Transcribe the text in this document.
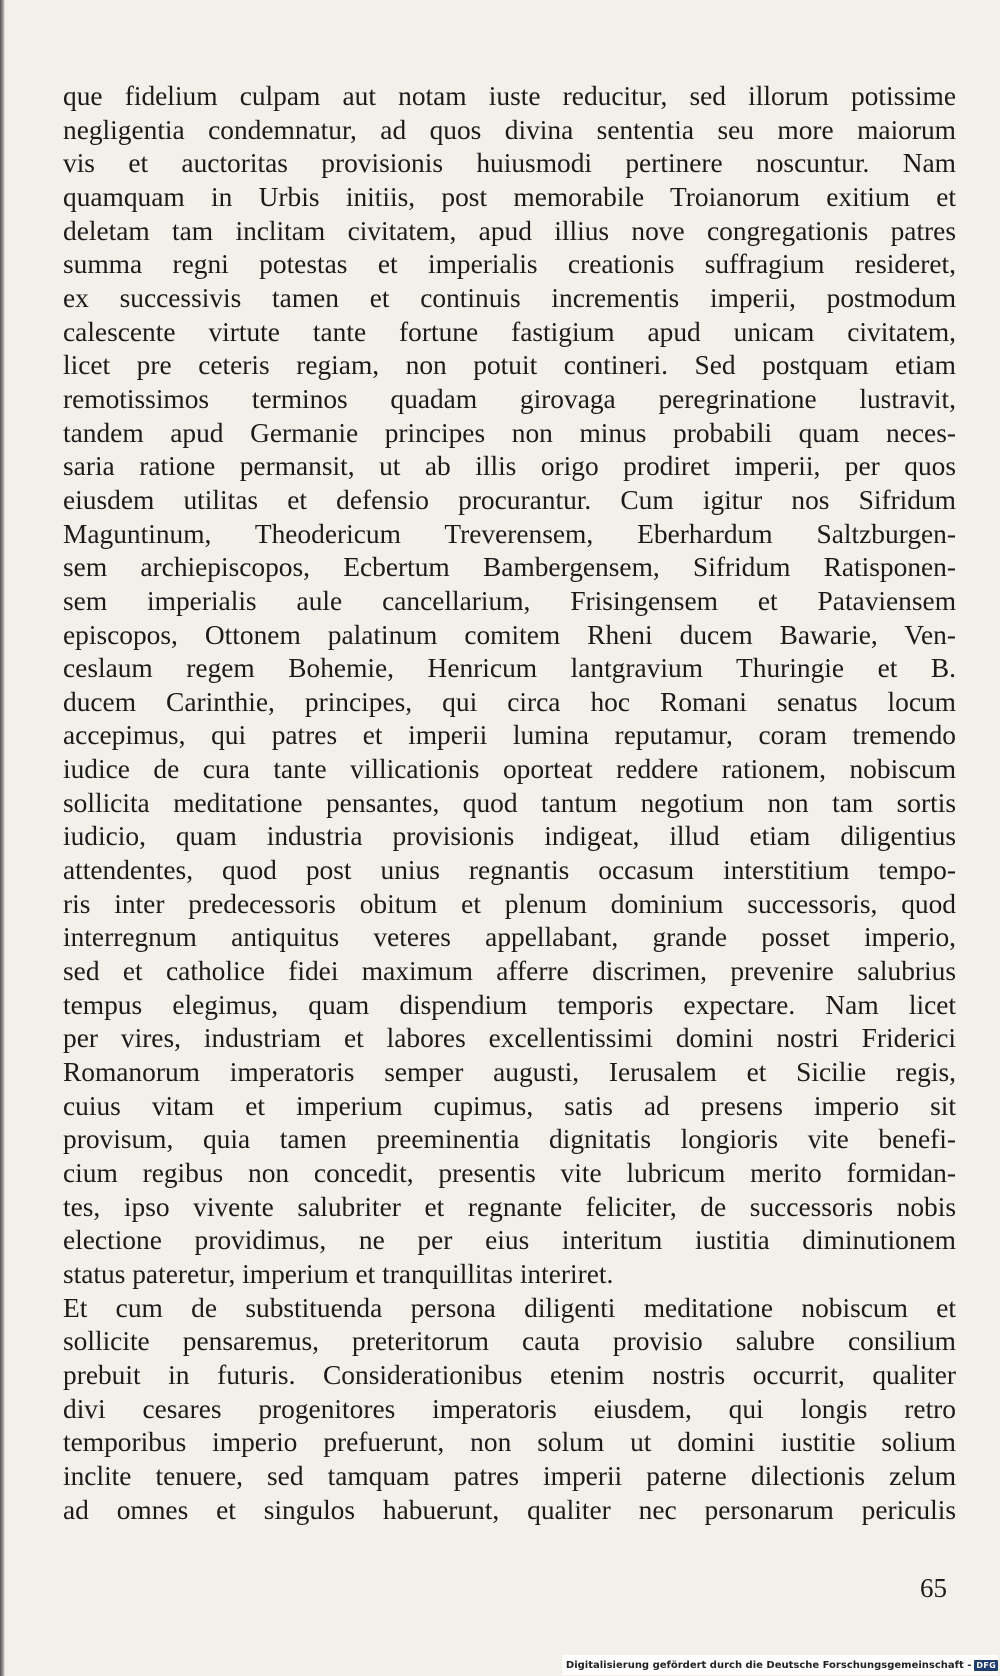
que fidelium culpam aut notam iuste reducitur, sed illorum potissime
negligentia condemnatur, ad quos divina sententia seu more maiorum
vis et auctoritas provisionis huiusmodi pertinere noscuntur. Nam
quamquam in Urbis initiis, post memorabile Troianorum exitium et
deletam tam inclitam civitatem, apud illius nove congregationis patres
summa regni potestas et imperialis creationis suffragium resideret,
ex successivis tamen et continuis incrementis imperii, postmodum
calescente virtute tante fortune fastigium apud unicam civitatem,
licet pre ceteris regiam, non potuit contineri. Sed postquam etiam
remotissimos terminos quadam girovaga peregrinatione lustravit,
tandem apud Germanie principes non minus probabili quam neces-
saria ratione permansit, ut ab illis origo prodiret imperii, per quos
eiusdem utilitas et defensio procurantur. Cum igitur nos Sifridum
Maguntinum, Theodericum Treverensem, Eberhardum Saltzburgen-
sem archiepiscopos, Ecbertum Bambergensem, Sifridum Ratisponen-
sem imperialis aule cancellarium, Frisingensem et Pataviensem
episcopos, Ottonem palatinum comitem Rheni ducem Bawarie, Ven-
ceslaum regem Bohemie, Henricum lantgravium Thuringie et B.
ducem Carinthie, principes, qui circa hoc Romani senatus locum
accepimus, qui patres et imperii lumina reputamur, coram tremendo
iudice de cura tante villicationis oporteat reddere rationem, nobiscum
sollicita meditatione pensantes, quod tantum negotium non tam sortis
iudicio, quam industria provisionis indigeat, illud etiam diligentius
attendentes, quod post unius regnantis occasum interstitium tempo-
ris inter predecessoris obitum et plenum dominium successoris, quod
interregnum antiquitus veteres appellabant, grande posset imperio,
sed et catholice fidei maximum afferre discrimen, prevenire salubrius
tempus elegimus, quam dispendium temporis expectare. Nam licet
per vires, industriam et labores excellentissimi domini nostri Friderici
Romanorum imperatoris semper augusti, Ierusalem et Sicilie regis,
cuius vitam et imperium cupimus, satis ad presens imperio sit
provisum, quia tamen preeminentia dignitatis longioris vite benefi-
cium regibus non concedit, presentis vite lubricum merito formidan-
tes, ipso vivente salubriter et regnante feliciter, de successoris nobis
electione providimus, ne per eius interitum iustitia diminutionem
status pateretur, imperium et tranquillitas interiret.

Et cum de substituenda persona diligenti meditatione nobiscum et
sollicite pensaremus, preteritorum cauta provisio salubre consilium
prebuit in futuris. Considerationibus etenim nostris occurrit, qualiter
divi cesares progenitores imperatoris eiusdem, qui longis retro
temporibus imperio prefuerunt, non solum ut domini iustitie solium
inclite tenuere, sed tamquam patres imperii paterne dilectionis zelum
ad omnes et singulos habuerunt, qualiter nec personarum periculis

65
Digitalisierung gefördert durch die Deutsche Forschungsgemeinschaft - DFG
